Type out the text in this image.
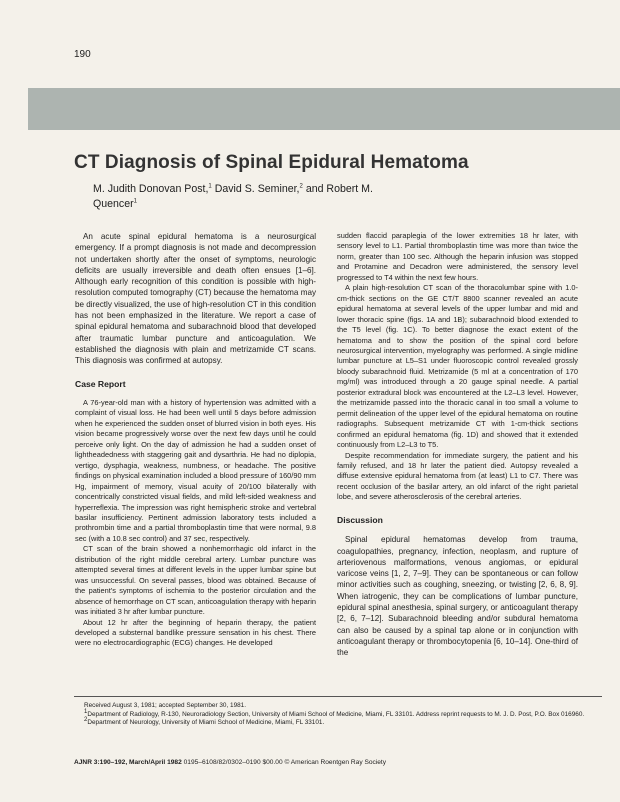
190
CT Diagnosis of Spinal Epidural Hematoma
M. Judith Donovan Post,$^1$ David S. Seminer,$^2$ and Robert M. Quencer$^1$

An acute spinal epidural hematoma is a neurosurgical emergency. If a prompt diagnosis is not made and decompression not undertaken shortly after the onset of symptoms, neurologic deficits are usually irreversible and death often ensues [1–6]. Although early recognition of this condition is possible with high-resolution computed tomography (CT) because the hematoma may be directly visualized, the use of high-resolution CT in this condition has not been emphasized in the literature. We report a case of spinal epidural hematoma and subarachnoid blood that developed after traumatic lumbar puncture and anticoagulation. We established the diagnosis with plain and metrizamide CT scans. This diagnosis was confirmed at autopsy.

Case Report

A 76-year-old man with a history of hypertension was admitted with a complaint of visual loss. He had been well until 5 days before admission when he experienced the sudden onset of blurred vision in both eyes. His vision became progressively worse over the next few days until he could perceive only light. On the day of admission he had a sudden onset of lightheadedness with staggering gait and dysarthria. He had no diplopia, vertigo, dysphagia, weakness, numbness, or headache. The positive findings on physical examination included a blood pressure of 160/90 mm Hg, impairment of memory, visual acuity of 20/100 bilaterally with concentrically constricted visual fields, and mild left-sided weakness and hyperreflexia. The impression was right hemispheric stroke and vertebral basilar insufficiency. Pertinent admission laboratory tests included a prothrombin time and a partial thromboplastin time that were normal, 9.8 sec (with a 10.8 sec control) and 37 sec, respectively.

CT scan of the brain showed a nonhemorrhagic old infarct in the distribution of the right middle cerebral artery. Lumbar puncture was attempted several times at different levels in the upper lumbar spine but was unsuccessful. On several passes, blood was obtained. Because of the patient's symptoms of ischemia to the posterior circulation and the absence of hemorrhage on CT scan, anticoagulation therapy with heparin was initiated 3 hr after lumbar puncture.

About 12 hr after the beginning of heparin therapy, the patient developed a substernal bandlike pressure sensation in his chest. There were no electrocardiographic (ECG) changes. He developed

sudden flaccid paraplegia of the lower extremities 18 hr later, with sensory level to L1. Partial thromboplastin time was more than twice the norm, greater than 100 sec. Although the heparin infusion was stopped and Protamine and Decadron were administered, the sensory level progressed to T4 within the next few hours.

A plain high-resolution CT scan of the thoracolumbar spine with 1.0-cm-thick sections on the GE CT/T 8800 scanner revealed an acute epidural hematoma at several levels of the upper lumbar and mid and lower thoracic spine (figs. 1A and 1B); subarachnoid blood extended to the T5 level (fig. 1C). To better diagnose the exact extent of the hematoma and to show the position of the spinal cord before neurosurgical intervention, myelography was performed. A single midline lumbar puncture at L5–S1 under fluoroscopic control revealed grossly bloody subarachnoid fluid. Metrizamide (5 ml at a concentration of 170 mg/ml) was introduced through a 20 gauge spinal needle. A partial posterior extradural block was encountered at the L2–L3 level. However, the metrizamide passed into the thoracic canal in too small a volume to permit delineation of the upper level of the epidural hematoma on routine radiographs. Subsequent metrizamide CT with 1-cm-thick sections confirmed an epidural hematoma (fig. 1D) and showed that it extended continuously from L2–L3 to T5.

Despite recommendation for immediate surgery, the patient and his family refused, and 18 hr later the patient died. Autopsy revealed a diffuse extensive epidural hematoma from (at least) L1 to C7. There was recent occlusion of the basilar artery, an old infarct of the right parietal lobe, and severe atherosclerosis of the cerebral arteries.

Discussion

Spinal epidural hematomas develop from trauma, coagulopathies, pregnancy, infection, neoplasm, and rupture of arteriovenous malformations, venous angiomas, or epidural varicose veins [1, 2, 7–9]. They can be spontaneous or can follow minor activities such as coughing, sneezing, or twisting [2, 6, 8, 9]. When iatrogenic, they can be complications of lumbar puncture, epidural spinal anesthesia, spinal surgery, or anticoagulant therapy [2, 6, 7–12]. Subarachnoid bleeding and/or subdural hematoma can also be caused by a spinal tap alone or in conjunction with anticoagulant therapy or thrombocytopenia [6, 10–14]. One-third of the

Received August 3, 1981; accepted September 30, 1981.

$^1$Department of Radiology, R-130, Neuroradiology Section, University of Miami School of Medicine, Miami, FL 33101. Address reprint requests to M. J. D. Post, P.O. Box 016960.

$^2$Department of Neurology, University of Miami School of Medicine, Miami, FL 33101.

AJNR 3:190–192, March/April 1982 0195–6108/82/0302–0190 $00.00 © American Roentgen Ray Society
